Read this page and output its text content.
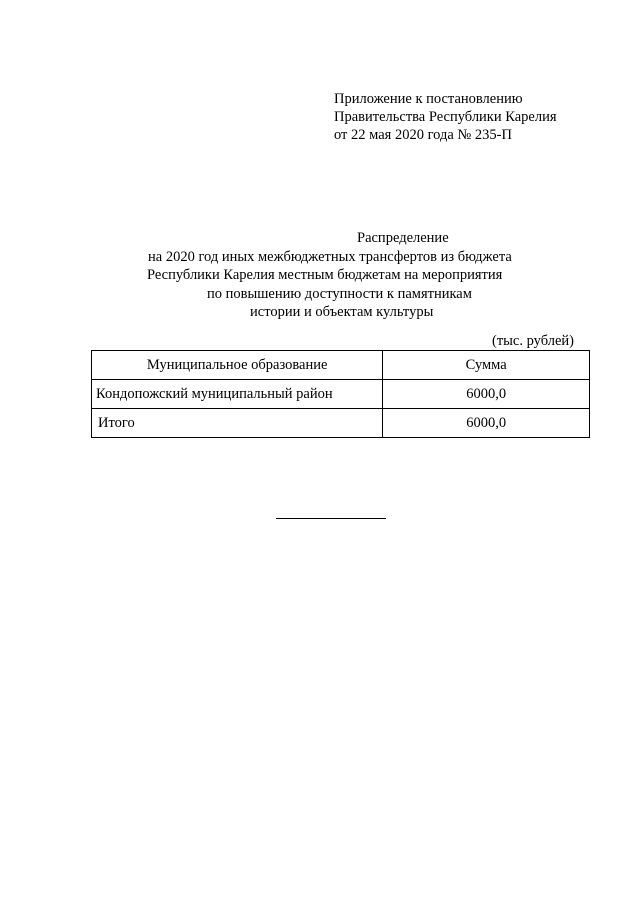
Приложение к постановлению
Правительства Республики Карелия
от 22 мая 2020 года № 235-П
Распределение
на 2020 год иных межбюджетных трансфертов из бюджета
Республики Карелия местным бюджетам на мероприятия
по повышению доступности к памятникам
истории и объектам культуры
(тыс. рублей)
Муниципальное образование	Сумма
Кондопожский муниципальный район	6000,0
Итого	6000,0
